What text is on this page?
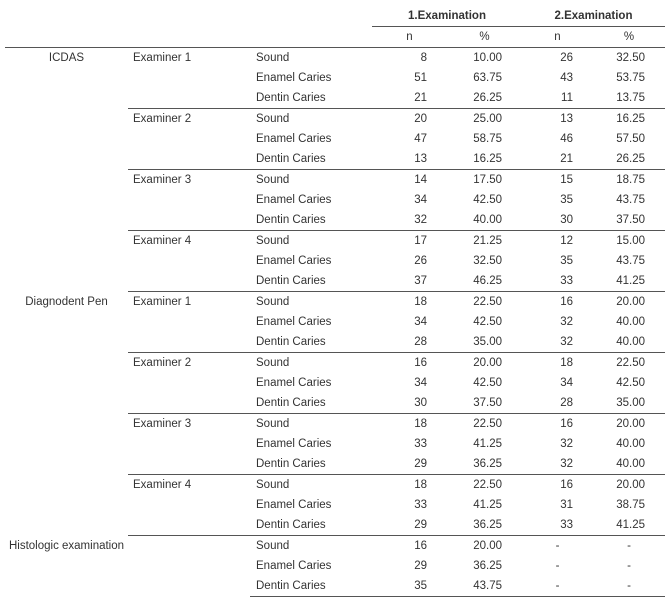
			1.Examination		2.Examination	
			n	%	n	%
ICDAS	Examiner 1	Sound	8	10.00	26	32.50
		Enamel Caries	51	63.75	43	53.75
		Dentin Caries	21	26.25	11	13.75
	Examiner 2	Sound	20	25.00	13	16.25
		Enamel Caries	47	58.75	46	57.50
		Dentin Caries	13	16.25	21	26.25
	Examiner 3	Sound	14	17.50	15	18.75
		Enamel Caries	34	42.50	35	43.75
		Dentin Caries	32	40.00	30	37.50
	Examiner 4	Sound	17	21.25	12	15.00
		Enamel Caries	26	32.50	35	43.75
		Dentin Caries	37	46.25	33	41.25
Diagnodent Pen	Examiner 1	Sound	18	22.50	16	20.00
		Enamel Caries	34	42.50	32	40.00
		Dentin Caries	28	35.00	32	40.00
	Examiner 2	Sound	16	20.00	18	22.50
		Enamel Caries	34	42.50	34	42.50
		Dentin Caries	30	37.50	28	35.00
	Examiner 3	Sound	18	22.50	16	20.00
		Enamel Caries	33	41.25	32	40.00
		Dentin Caries	29	36.25	32	40.00
	Examiner 4	Sound	18	22.50	16	20.00
		Enamel Caries	33	41.25	31	38.75
		Dentin Caries	29	36.25	33	41.25
Histologic examination		Sound	16	20.00	-	-
		Enamel Caries	29	36.25	-	-
		Dentin Caries	35	43.75	-	-
